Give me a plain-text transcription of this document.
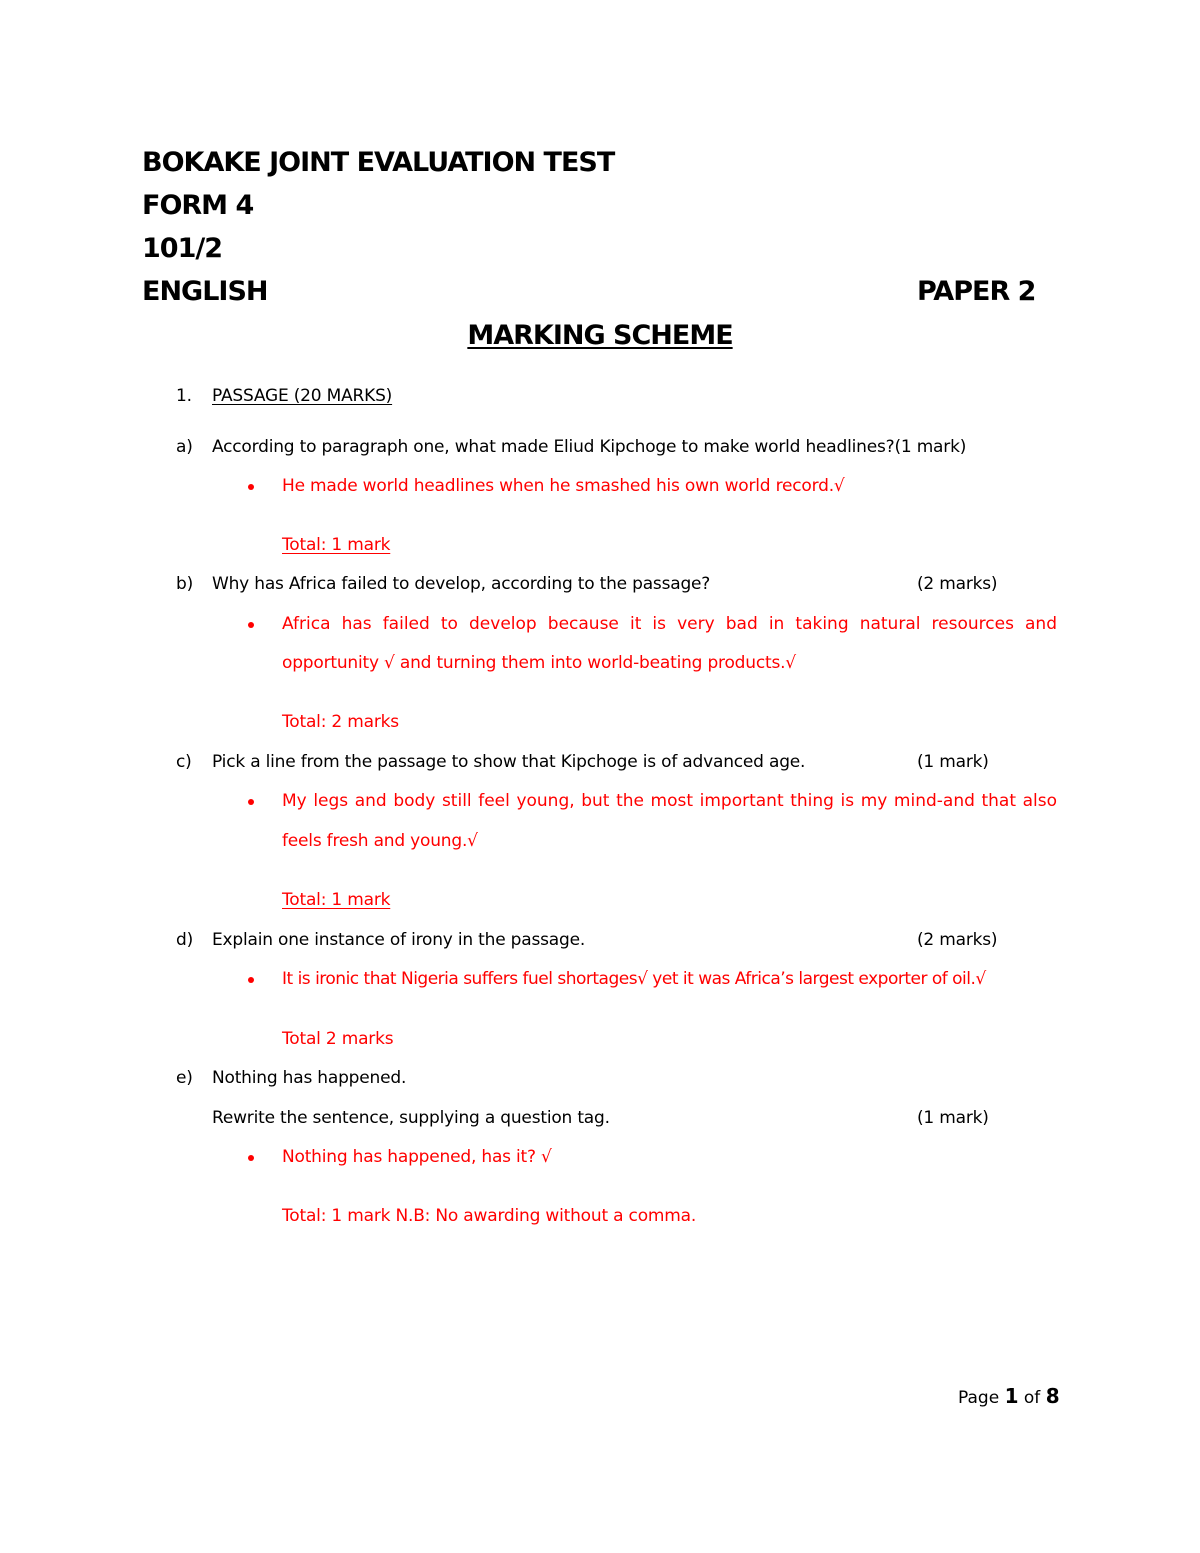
BOKAKE JOINT EVALUATION TEST
FORM 4
101/2
ENGLISH	PAPER 2
MARKING SCHEME
1. PASSAGE (20 MARKS)
a) According to paragraph one, what made Eliud Kipchoge to make world headlines?(1 mark)
He made world headlines when he smashed his own world record.√
Total: 1 mark
b) Why has Africa failed to develop, according to the passage?	(2 marks)
Africa has failed to develop because it is very bad in taking natural resources and
opportunity √ and turning them into world-beating products.√
Total: 2 marks
c) Pick a line from the passage to show that Kipchoge is of advanced age.	(1 mark)
My legs and body still feel young, but the most important thing is my mind-and that also
feels fresh and young.√
Total: 1 mark
d) Explain one instance of irony in the passage.	(2 marks)
It is ironic that Nigeria suffers fuel shortages√ yet it was Africa’s largest exporter of oil.√
Total 2 marks
e) Nothing has happened.
Rewrite the sentence, supplying a question tag.	(1 mark)
Nothing has happened, has it? √
Total: 1 mark N.B: No awarding without a comma.
Page 1 of 8
